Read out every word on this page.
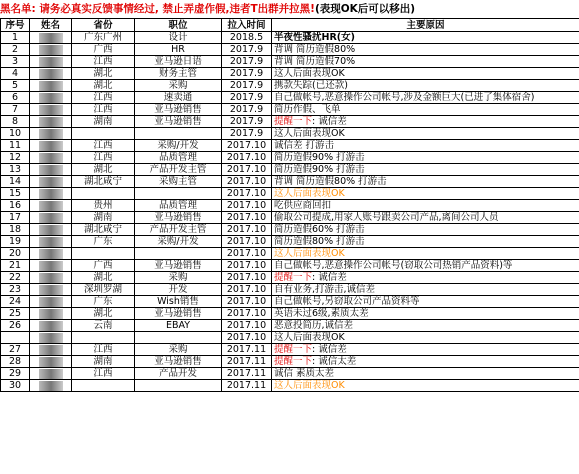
黑名单: 请务必真实反馈事情经过, 禁止弄虚作假,违者T出群并拉黑!(表现OK后可以移出)
序号	姓名	省份	职位	拉入时间	主要原因
1		广东广州	设计	2018.5	半夜性骚扰HR(女)
2		广西	HR	2017.9	背调 简历造假80%
3		江西	亚马逊日语	2017.9	背调 简历造假70%
4		湖北	财务主管	2017.9	这人后面表现OK
5		湖北	采购	2017.9	携款失踪(已还款)
6		江西	速卖通	2017.9	自己做帐号,恶意操作公司帐号,涉及金额巨大(已进了集体宿舍)
7		江西	亚马逊销售	2017.9	简历作假、飞单
8		湖南	亚马逊销售	2017.9	提醒一下: 诚信差
10				2017.9	这人后面表现OK
11		江西	采购/开发	2017.10	诚信差 打游击
12		江西	品质管理	2017.10	简历造假90% 打游击
13		湖北	产品开发主管	2017.10	简历造假90% 打游击
14		湖北咸宁	采购主管	2017.10	背调 简历造假80% 打游击
15				2017.10	这人后面表现OK
16		贵州	品质管理	2017.10	吃供应商回扣
17		湖南	亚马逊销售	2017.10	偷取公司提成,用家人账号跟卖公司产品,离间公司人员
18		湖北咸宁	产品开发主管	2017.10	简历造假60% 打游击
19		广东	采购/开发	2017.10	简历造假80% 打游击
20				2017.10	这人后面表现OK
21		广西	亚马逊销售	2017.10	自己做帐号,恶意操作公司帐号(窃取公司热销产品资料)等
22		湖北	采购	2017.10	提醒一下: 诚信差
23		深圳罗湖	开发	2017.10	自有业务,打游击,诚信差
24		广东	Wish销售	2017.10	自己做帐号,另窃取公司产品资料等
25		湖北	亚马逊销售	2017.10	英语未过6级,素质太差
26		云南	EBAY	2017.10	恶意投简历,诚信差
				2017.10	这人后面表现OK
27		江西	采购	2017.11	提醒一下: 诚信差
28		湖南	亚马逊销售	2017.11	提醒一下: 诚信太差
29		江西	产品开发	2017.11	诚信 素质太差
30				2017.11	这人后面表现OK
